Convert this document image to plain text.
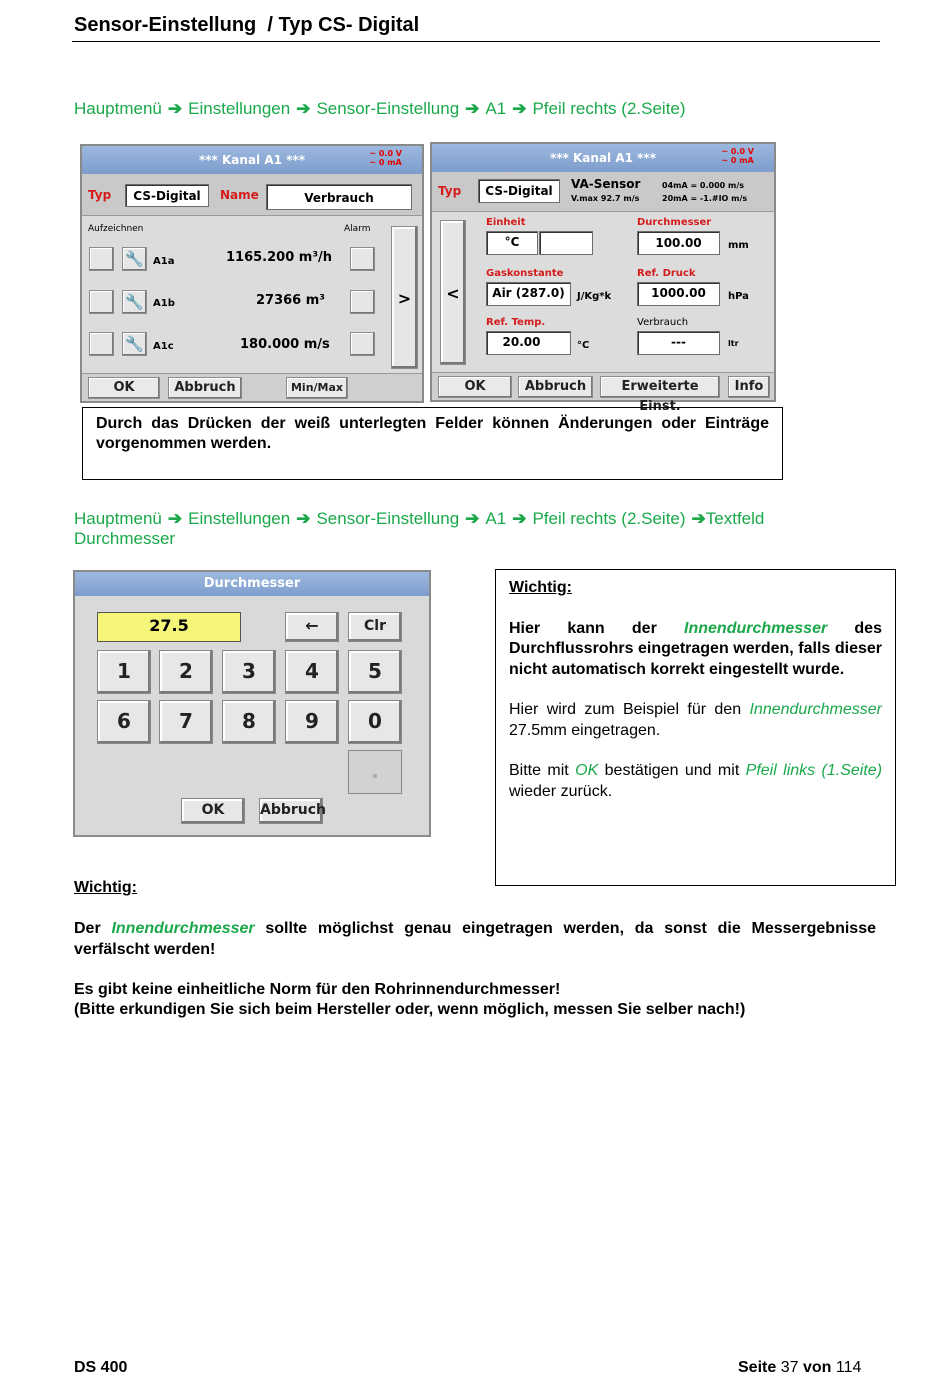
Sensor-Einstellung  / Typ CS- Digital
Hauptmenü ➔ Einstellungen ➔ Sensor-Einstellung ➔ A1 ➔ Pfeil rechts (2.Seite)
*** Kanal A1 ***	~ 0.0 V
~ 0 mA
Typ	CS-Digital	Name	Verbrauch
Aufzeichnen	Alarm
🔧 A1a	1165.200 m³/h
🔧 A1b	27366 m³
🔧 A1c	180.000 m/s
>
OK	Abbruch	Min/Max
*** Kanal A1 ***	~ 0.0 V
~ 0 mA
Typ	CS-Digital	VA-Sensor
V.max 92.7 m/s
04mA = 0.000 m/s
20mA = -1.#IO m/s
<
Einheit
°C
Durchmesser
100.00	mm
Gaskonstante
Air (287.0)	J/Kg*k
Ref. Druck
1000.00	hPa
Ref. Temp.
20.00	°C
Verbrauch
---	ltr
OK	Abbruch	Erweiterte Einst.
Info
Durch das Drücken der weiß unterlegten Felder können Änderungen oder Einträge vorgenommen werden.
Hauptmenü ➔ Einstellungen ➔ Sensor-Einstellung ➔ A1 ➔ Pfeil rechts (2.Seite) ➔Textfeld
Durchmesser
Durchmesser
27.5	←	Clr
1	2	3	4	5
6	7	8	9	0
.
OK	Abbruch
Wichtig:
Hier kann der Innendurchmesser des Durchflussrohrs eingetragen werden, falls dieser nicht automatisch korrekt eingestellt wurde.
Hier wird zum Beispiel für den Innendurchmesser 27.5mm eingetragen.
Bitte mit OK bestätigen und mit Pfeil links (1.Seite) wieder zurück.
Wichtig:
Der Innendurchmesser sollte möglichst genau eingetragen werden, da sonst die Messergebnisse verfälscht werden!
Es gibt keine einheitliche Norm für den Rohrinnendurchmesser!
(Bitte erkundigen Sie sich beim Hersteller oder, wenn möglich, messen Sie selber nach!)
DS 400	Seite 37 von 114
